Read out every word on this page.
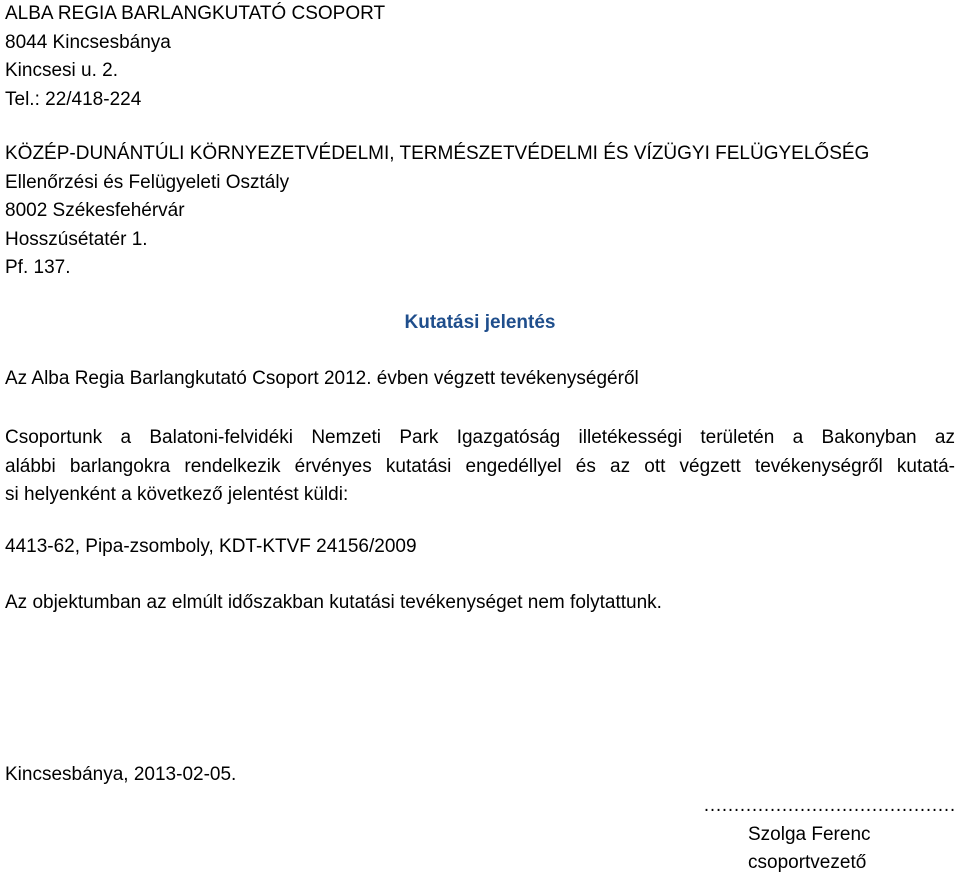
ALBA REGIA BARLANGKUTATÓ CSOPORT
8044 Kincsesbánya
Kincsesi u. 2.
Tel.: 22/418-224
KÖZÉP-DUNÁNTÚLI KÖRNYEZETVÉDELMI, TERMÉSZETVÉDELMI ÉS VÍZÜGYI FELÜGYELŐSÉG
Ellenőrzési és Felügyeleti Osztály
8002 Székesfehérvár
Hosszúsétatér 1.
Pf. 137.
Kutatási jelentés
Az Alba Regia Barlangkutató Csoport 2012. évben végzett tevékenységéről
Csoportunk a Balatoni-felvidéki Nemzeti Park Igazgatóság illetékességi területén a Bakonyban az
alábbi barlangokra rendelkezik érvényes kutatási engedéllyel és az ott végzett tevékenységről kutatá-
si helyenként a következő jelentést küldi:
4413-62, Pipa-zsomboly, KDT-KTVF 24156/2009
Az objektumban az elmúlt időszakban kutatási tevékenységet nem folytattunk.
Kincsesbánya, 2013-02-05.
……………………………………
Szolga Ferenc
csoportvezető
